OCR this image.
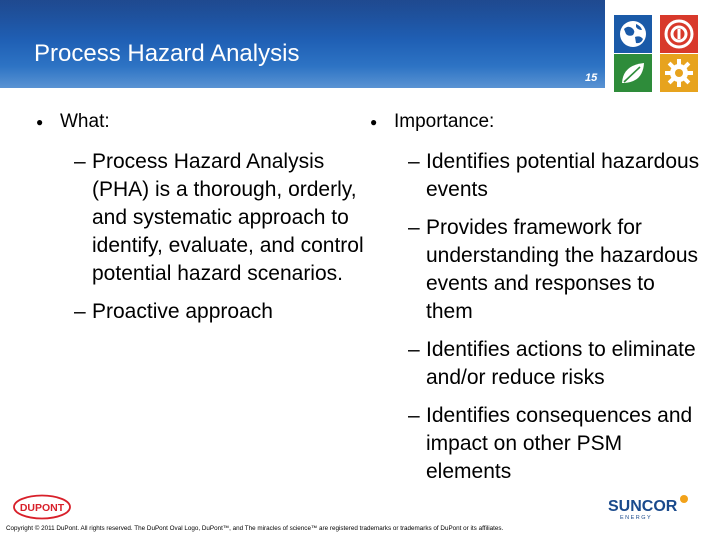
Process Hazard Analysis
15
● What:
– Process Hazard Analysis (PHA) is a thorough, orderly, and systematic approach to identify, evaluate, and control potential hazard scenarios.
– Proactive approach
● Importance:
– Identifies potential hazardous events
– Provides framework for understanding the hazardous events and responses to them
– Identifies actions to eliminate and/or reduce risks
– Identifies consequences and impact on other PSM elements
DUPONT	SUNCOR
ENERGY
Copyright © 2011 DuPont. All rights reserved. The DuPont Oval Logo, DuPont™, and The miracles of science™ are registered trademarks or trademarks of DuPont or its affiliates.
